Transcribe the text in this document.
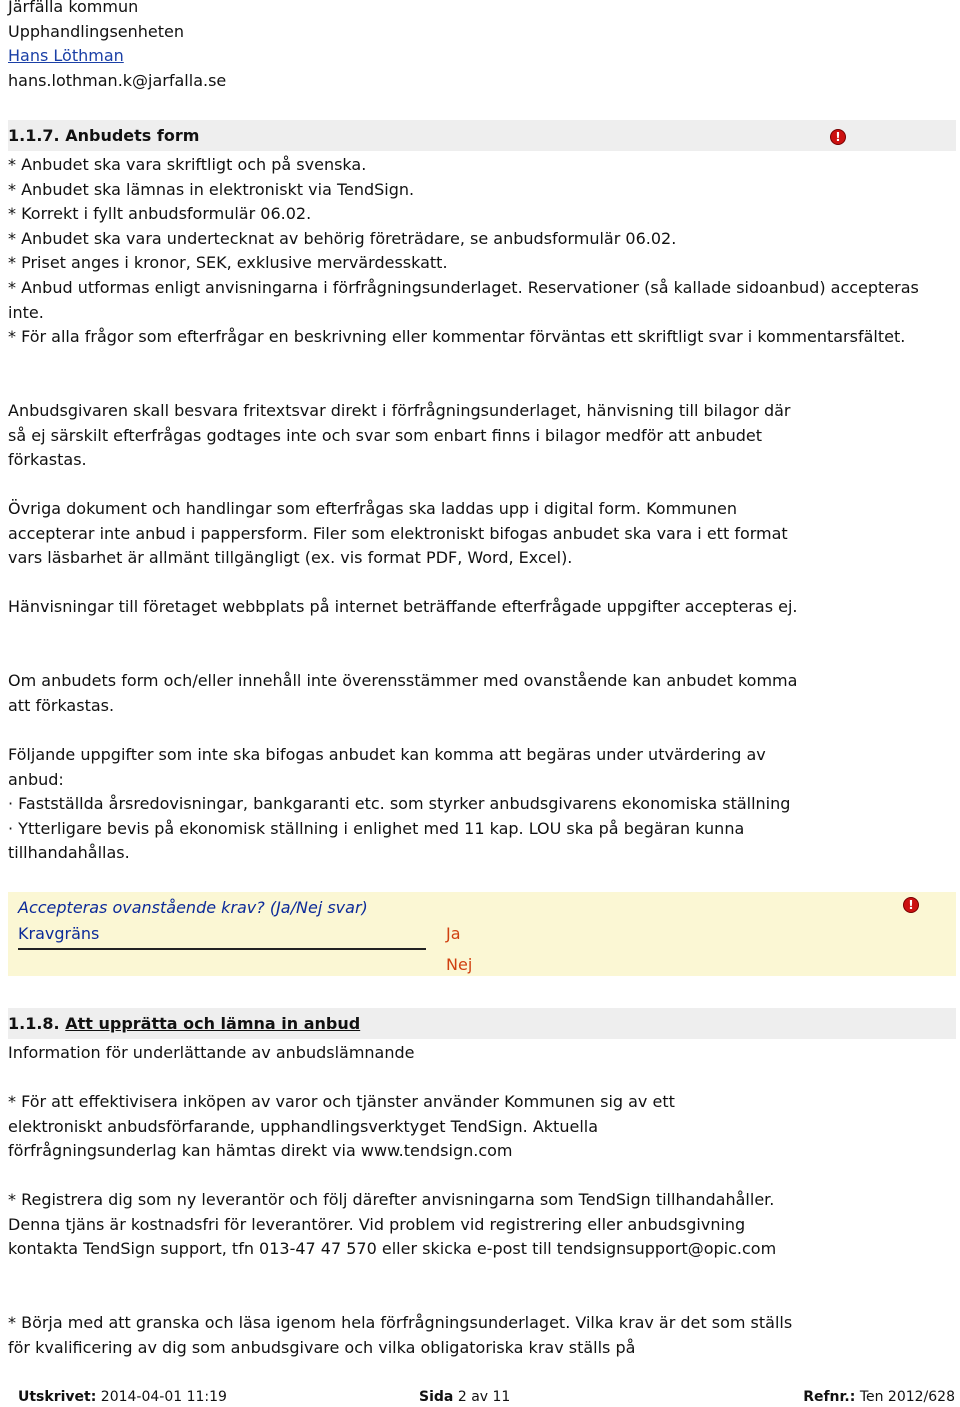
Järfälla kommun
Upphandlingsenheten
Hans Löthman
hans.lothman.k@jarfalla.se
1.1.7. Anbudets form	!

* Anbudet ska vara skriftligt och på svenska.

* Anbudet ska lämnas in elektroniskt via TendSign.

* Korrekt i fyllt anbudsformulär 06.02.

* Anbudet ska vara undertecknat av behörig företrädare, se anbudsformulär 06.02.

* Priset anges i kronor, SEK, exklusive mervärdesskatt.

* Anbud utformas enligt anvisningarna i förfrågningsunderlaget. Reservationer (så kallade sidoanbud) accepteras inte.

* För alla frågor som efterfrågar en beskrivning eller kommentar förväntas ett skriftligt svar i kommentarsfältet.

Anbudsgivaren skall besvara fritextsvar direkt i förfrågningsunderlaget, hänvisning till bilagor där så ej särskilt efterfrågas godtages inte och svar som enbart finns i bilagor medför att anbudet förkastas.
Övriga dokument och handlingar som efterfrågas ska laddas upp i digital form. Kommunen accepterar inte anbud i pappersform. Filer som elektroniskt bifogas anbudet ska vara i ett format vars läsbarhet är allmänt tillgängligt (ex. vis format PDF, Word, Excel).
Hänvisningar till företaget webbplats på internet beträffande efterfrågade uppgifter accepteras ej.
Om anbudets form och/eller innehåll inte överensstämmer med ovanstående kan anbudet komma att förkastas.

Följande uppgifter som inte ska bifogas anbudet kan komma att begäras under utvärdering av anbud:

· Fastställda årsredovisningar, bankgaranti etc. som styrker anbudsgivarens ekonomiska ställning

· Ytterligare bevis på ekonomisk ställning i enlighet med 11 kap. LOU ska på begäran kunna tillhandahållas.

Accepteras ovanstående krav? (Ja/Nej svar)
Kravgräns	Ja
Nej
!
1.1.8. Att upprätta och lämna in anbud
Information för underlättande av anbudslämnande
* För att effektivisera inköpen av varor och tjänster använder Kommunen sig av ett elektroniskt anbudsförfarande, upphandlingsverktyget TendSign. Aktuella förfrågningsunderlag kan hämtas direkt via www.tendsign.com
* Registrera dig som ny leverantör och följ därefter anvisningarna som TendSign tillhandahåller. Denna tjäns är kostnadsfri för leverantörer. Vid problem vid registrering eller anbudsgivning kontakta TendSign support, tfn 013-47 47 570 eller skicka e-post till tendsignsupport@opic.com
* Börja med att granska och läsa igenom hela förfrågningsunderlaget. Vilka krav är det som ställs för kvalificering av dig som anbudsgivare och vilka obligatoriska krav ställs på
Utskrivet: 2014-04-01 11:19	Sida 2 av 11	Refnr.: Ten 2012/628
